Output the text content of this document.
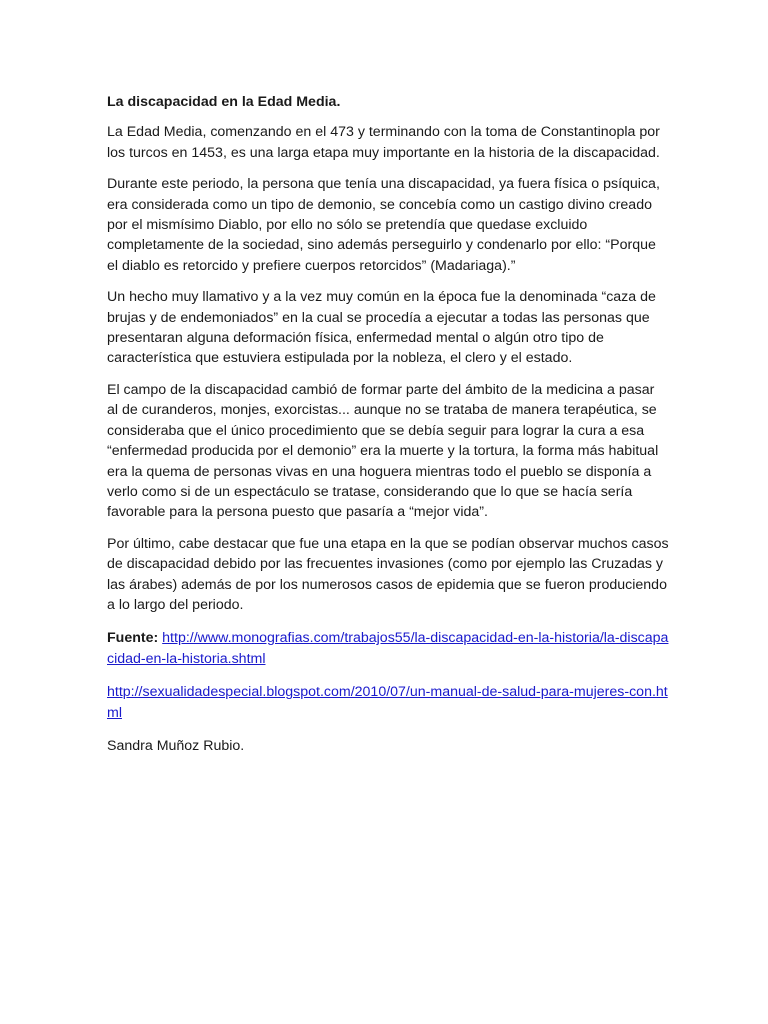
La discapacidad en la Edad Media.

La Edad Media, comenzando en el 473 y terminando con la toma de Constantinopla por los turcos en 1453, es una larga etapa muy importante en la historia de la discapacidad.

Durante este periodo, la persona que tenía una discapacidad, ya fuera física o psíquica, era considerada como un tipo de demonio, se concebía como un castigo divino creado por el mismísimo Diablo, por ello no sólo se pretendía que quedase excluido completamente de la sociedad, sino además perseguirlo y condenarlo por ello: “Porque el diablo es retorcido y prefiere cuerpos retorcidos” (Madariaga).”

Un hecho muy llamativo y a la vez muy común en la época fue la denominada “caza de brujas y de endemoniados” en la cual se procedía a ejecutar a todas las personas que presentaran alguna deformación física, enfermedad mental o algún otro tipo de característica que estuviera estipulada por la nobleza, el clero y el estado.

El campo de la discapacidad cambió de formar parte del ámbito de la medicina a pasar al de curanderos, monjes, exorcistas... aunque no se trataba de manera terapéutica, se consideraba que el único procedimiento que se debía seguir para lograr la cura a esa “enfermedad producida por el demonio” era la muerte y la tortura, la forma más habitual era la quema de personas vivas en una hoguera mientras todo el pueblo se disponía a verlo como si de un espectáculo se tratase, considerando que lo que se hacía sería favorable para la persona puesto que pasaría a “mejor vida”.

Por último, cabe destacar que fue una etapa en la que se podían observar muchos casos de discapacidad debido por las frecuentes invasiones (como por ejemplo las Cruzadas y las árabes) además de por los numerosos casos de epidemia que se fueron produciendo a lo largo del periodo.

Fuente: http://www.monografias.com/trabajos55/la-discapacidad-en-la-historia/la-discapacidad-en-la-historia.shtml

http://sexualidadespecial.blogspot.com/2010/07/un-manual-de-salud-para-mujeres-con.html

Sandra Muñoz Rubio.
